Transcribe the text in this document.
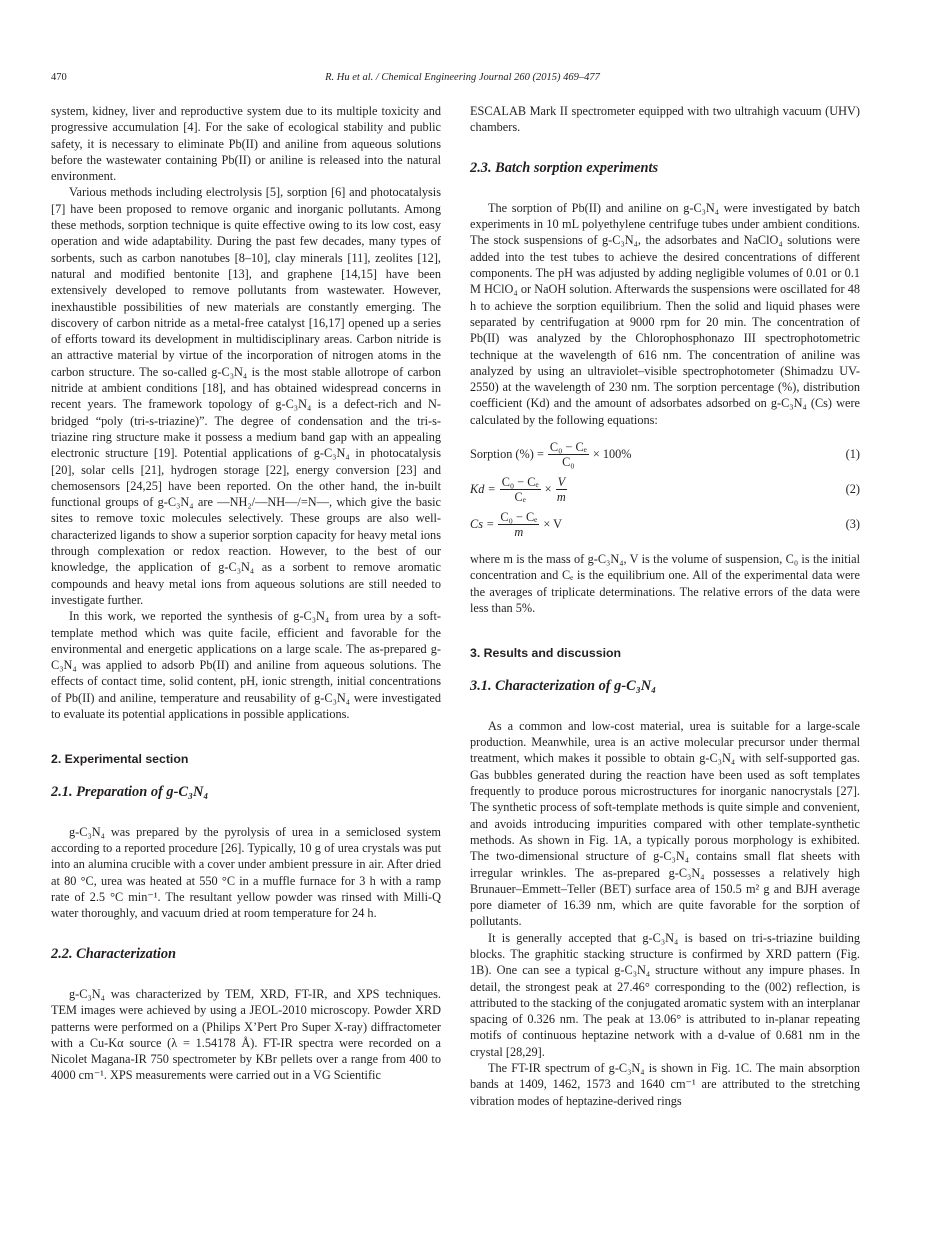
470	R. Hu et al. / Chemical Engineering Journal 260 (2015) 469–477

system, kidney, liver and reproductive system due to its multiple toxicity and progressive accumulation [4]. For the sake of ecological stability and public safety, it is necessary to eliminate Pb(II) and aniline from aqueous solutions before the wastewater containing Pb(II) or aniline is released into the natural environment.

Various methods including electrolysis [5], sorption [6] and photocatalysis [7] have been proposed to remove organic and inorganic pollutants. Among these methods, sorption technique is quite effective owing to its low cost, easy operation and wide adaptability. During the past few decades, many types of sorbents, such as carbon nanotubes [8–10], clay minerals [11], zeolites [12], natural and modified bentonite [13], and graphene [14,15] have been extensively developed to remove pollutants from wastewater. However, inexhaustible possibilities of new materials are constantly emerging. The discovery of carbon nitride as a metal-free catalyst [16,17] opened up a series of efforts toward its development in multidisciplinary areas. Carbon nitride is an attractive material by virtue of the incorporation of nitrogen atoms in the carbon structure. The so-called g-C₃N₄ is the most stable allotrope of carbon nitride at ambient conditions [18], and has obtained widespread concerns in recent years. The framework topology of g-C₃N₄ is a defect-rich and N-bridged “poly (tri-s-triazine)”. The degree of condensation and the tri-s-triazine ring structure make it possess a medium band gap with an appealing electronic structure [19]. Potential applications of g-C₃N₄ in photocatalysis [20], solar cells [21], hydrogen storage [22], energy conversion [23] and chemosensors [24,25] have been reported. On the other hand, the in-built functional groups of g-C₃N₄ are —NH₂/—NH—/=N—, which give the basic sites to remove toxic molecules selectively. These groups are also well-characterized ligands to show a superior sorption capacity for heavy metal ions through complexation or redox reaction. However, to the best of our knowledge, the application of g-C₃N₄ as a sorbent to remove aromatic compounds and heavy metal ions from aqueous solutions are still needed to investigate further.

In this work, we reported the synthesis of g-C₃N₄ from urea by a soft-template method which was quite facile, efficient and favorable for the environmental and energetic applications on a large scale. The as-prepared g-C₃N₄ was applied to adsorb Pb(II) and aniline from aqueous solutions. The effects of contact time, solid content, pH, ionic strength, initial concentrations of Pb(II) and aniline, temperature and reusability of g-C₃N₄ were investigated to evaluate its potential applications in possible applications.

2. Experimental section
2.1. Preparation of g-C₃N₄

g-C₃N₄ was prepared by the pyrolysis of urea in a semiclosed system according to a reported procedure [26]. Typically, 10 g of urea crystals was put into an alumina crucible with a cover under ambient pressure in air. After dried at 80 °C, urea was heated at 550 °C in a muffle furnace for 3 h with a ramp rate of 2.5 °C min⁻¹. The resultant yellow powder was rinsed with Milli-Q water thoroughly, and vacuum dried at room temperature for 24 h.

2.2. Characterization

g-C₃N₄ was characterized by TEM, XRD, FT-IR, and XPS techniques. TEM images were achieved by using a JEOL-2010 microscopy. Powder XRD patterns were performed on a (Philips X’Pert Pro Super X-ray) diffractometer with a Cu-Kα source (λ = 1.54178 Å). FT-IR spectra were recorded on a Nicolet Magana-IR 750 spectrometer by KBr pellets over a range from 400 to 4000 cm⁻¹. XPS measurements were carried out in a VG Scientific

ESCALAB Mark II spectrometer equipped with two ultrahigh vacuum (UHV) chambers.

2.3. Batch sorption experiments

The sorption of Pb(II) and aniline on g-C₃N₄ were investigated by batch experiments in 10 mL polyethylene centrifuge tubes under ambient conditions. The stock suspensions of g-C₃N₄, the adsorbates and NaClO₄ solutions were added into the test tubes to achieve the desired concentrations of different components. The pH was adjusted by adding negligible volumes of 0.01 or 0.1 M HClO₄ or NaOH solution. Afterwards the suspensions were oscillated for 48 h to achieve the sorption equilibrium. Then the solid and liquid phases were separated by centrifugation at 9000 rpm for 20 min. The concentration of Pb(II) was analyzed by the Chlorophosphonazo III spectrophotometric technique at the wavelength of 616 nm. The concentration of aniline was analyzed by using an ultraviolet–visible spectrophotometer (Shimadzu UV-2550) at the wavelength of 230 nm. The sorption percentage (%), distribution coefficient (Kd) and the amount of adsorbates adsorbed on g-C₃N₄ (Cs) were calculated by the following equations:

Sorption (%) = $\frac{\text{C₀ − Cₑ}}{\text{C₀}} \times 100\%$	(1)
$Kd = \frac{\text{C₀ − Cₑ}}{\text{Cₑ}} \times \frac{V}{m}$	(2)
$Cs = \frac{\text{C₀ − Cₑ}}{m} \times V$	(3)

where m is the mass of g-C₃N₄, V is the volume of suspension, C₀ is the initial concentration and Cₑ is the equilibrium one. All of the experimental data were the averages of triplicate determinations. The relative errors of the data were less than 5%.

3. Results and discussion
3.1. Characterization of g-C₃N₄

As a common and low-cost material, urea is suitable for a large-scale production. Meanwhile, urea is an active molecular precursor under thermal treatment, which makes it possible to obtain g-C₃N₄ with self-supported gas. Gas bubbles generated during the reaction have been used as soft templates frequently to produce porous microstructures for inorganic nanocrystals [27]. The synthetic process of soft-template methods is quite simple and convenient, and avoids introducing impurities compared with other template-synthetic methods. As shown in Fig. 1A, a typically porous morphology is exhibited. The two-dimensional structure of g-C₃N₄ contains small flat sheets with irregular wrinkles. The as-prepared g-C₃N₄ possesses a relatively high Brunauer–Emmett–Teller (BET) surface area of 150.5 m² g and BJH average pore diameter of 16.39 nm, which are quite favorable for the sorption of pollutants.

It is generally accepted that g-C₃N₄ is based on tri-s-triazine building blocks. The graphitic stacking structure is confirmed by XRD pattern (Fig. 1B). One can see a typical g-C₃N₄ structure without any impure phases. In detail, the strongest peak at 27.46° corresponding to the (002) reflection, is attributed to the stacking of the conjugated aromatic system with an interplanar spacing of 0.326 nm. The peak at 13.06° is attributed to in-planar repeating motifs of continuous heptazine network with a d-value of 0.681 nm in the crystal [28,29].

The FT-IR spectrum of g-C₃N₄ is shown in Fig. 1C. The main absorption bands at 1409, 1462, 1573 and 1640 cm⁻¹ are attributed to the stretching vibration modes of heptazine-derived rings
